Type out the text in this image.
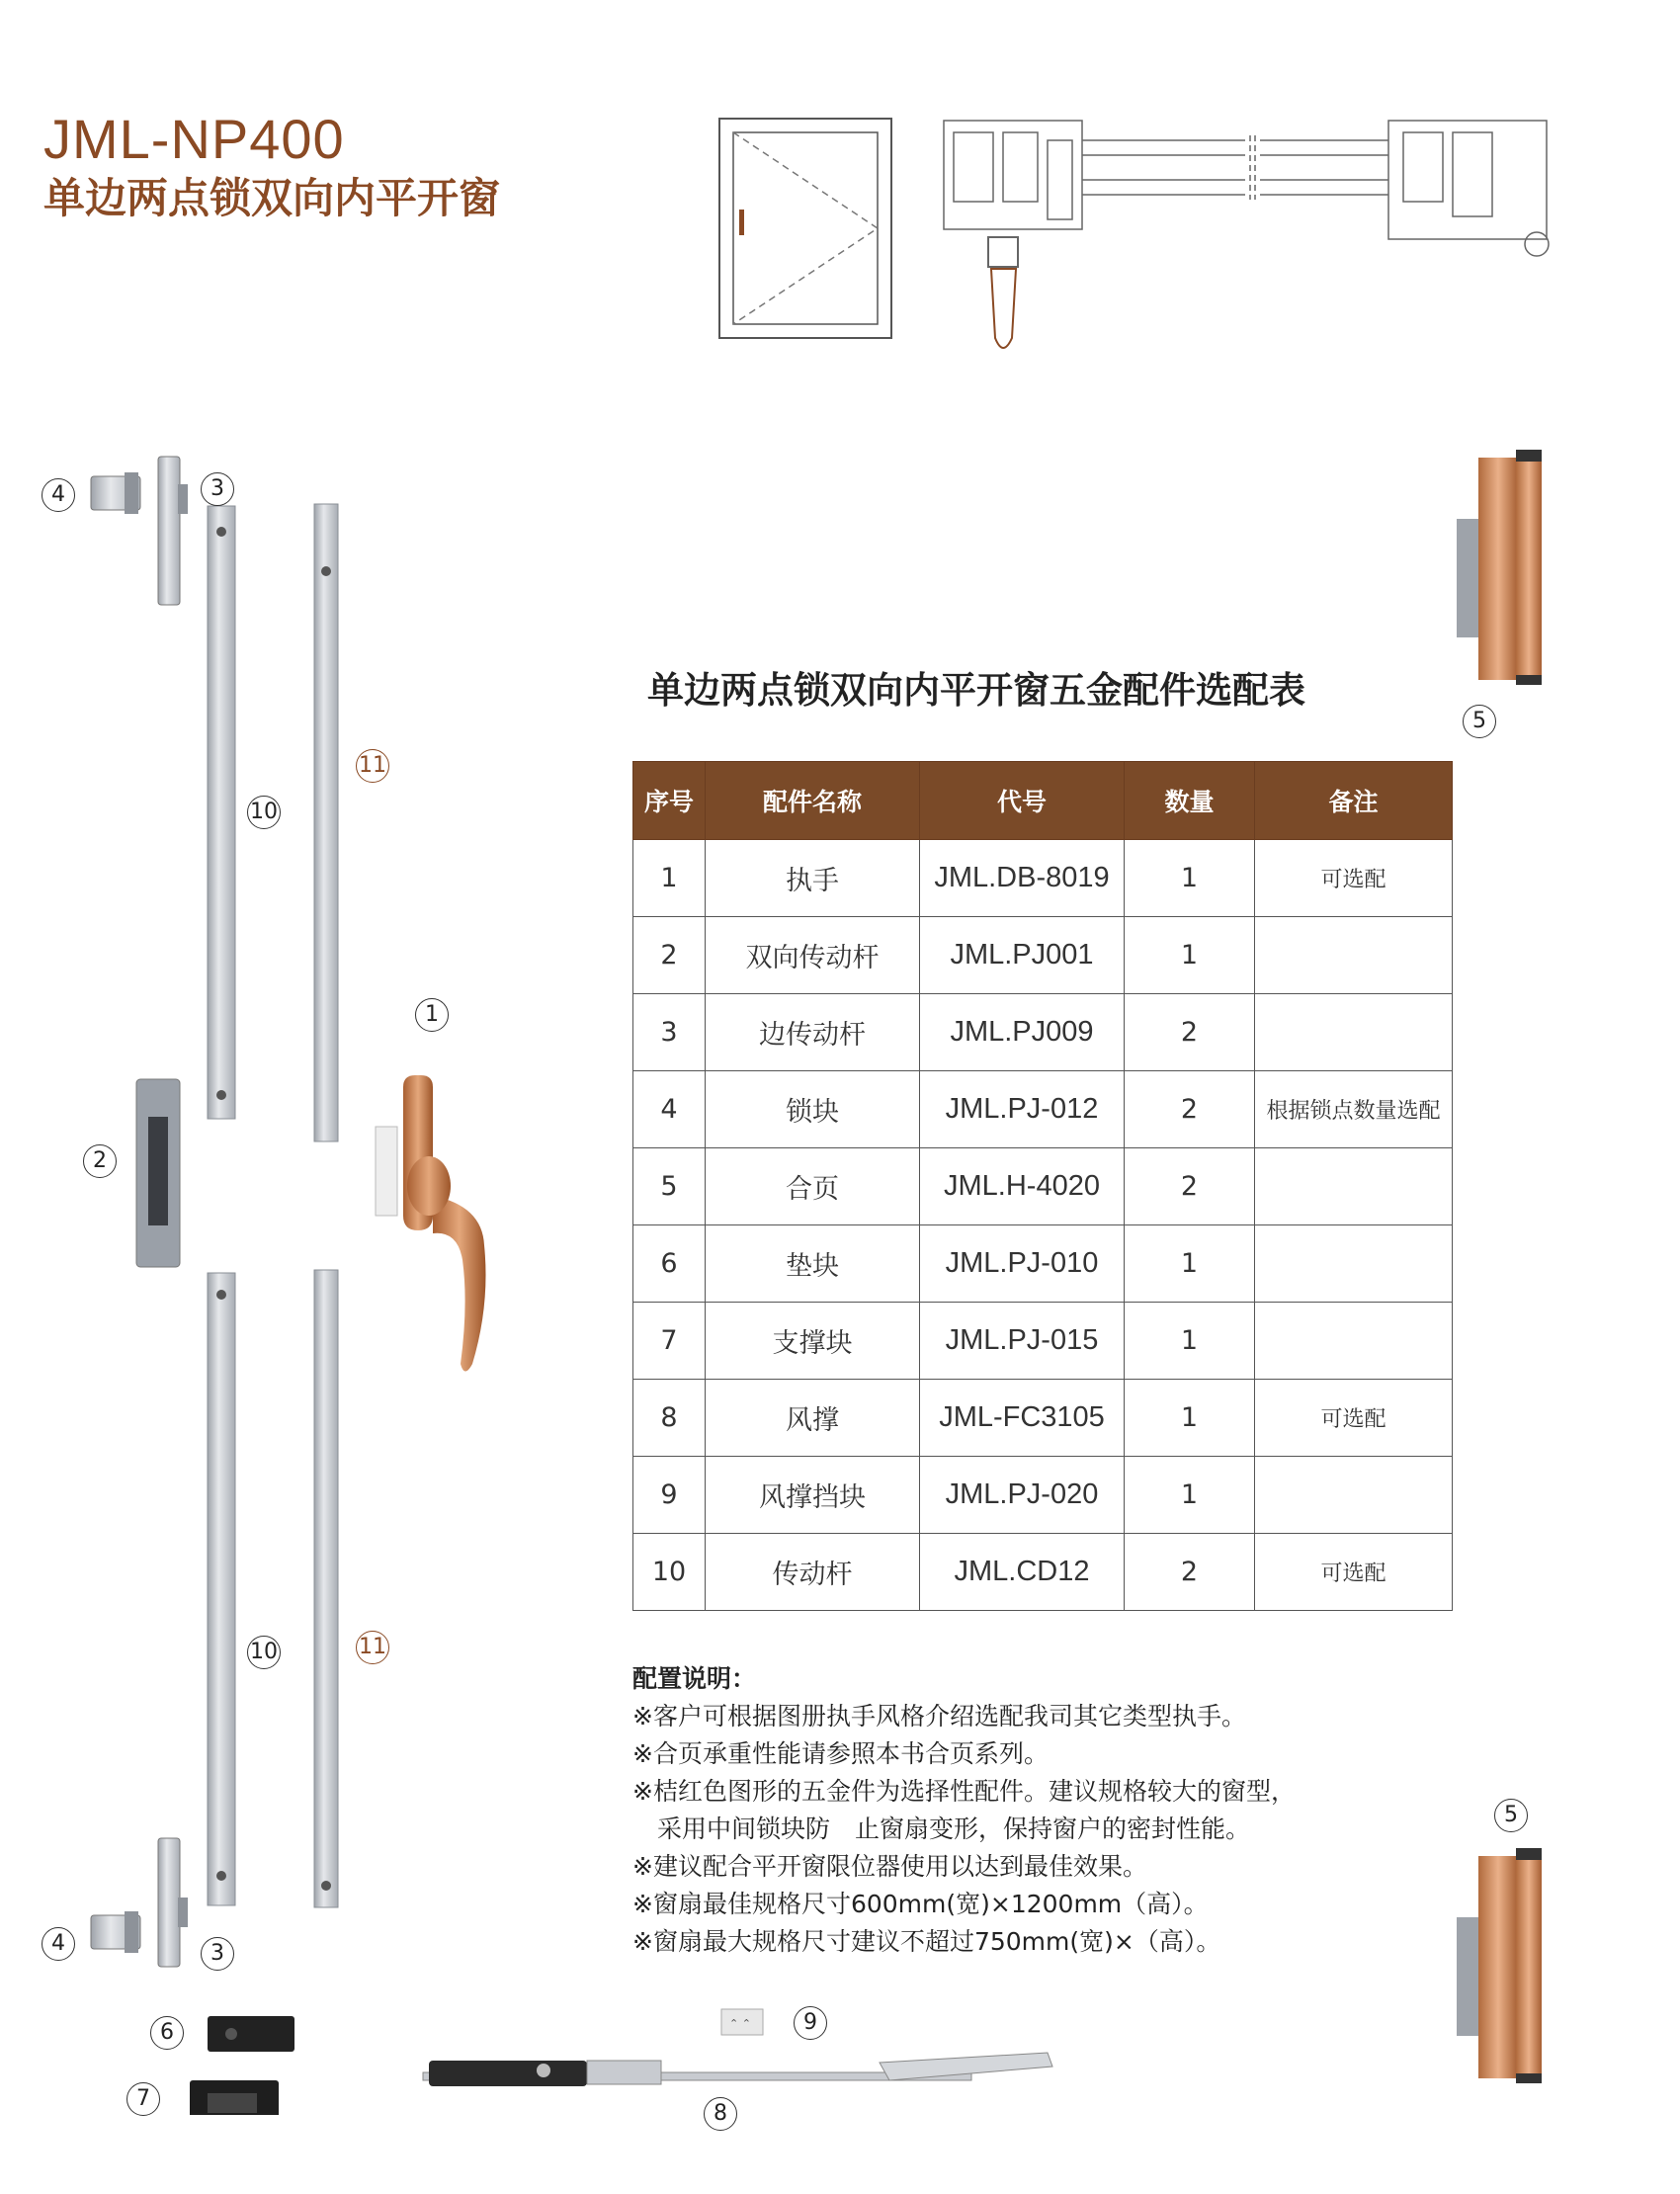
JML-NP400
单边两点锁双向内平开窗
⌃ ⌃
4	3
10
11
1
2
10	11
4	3
6
7
8
9
5
5
单边两点锁双向内平开窗五金配件选配表
序号	配件名称	代号	数量	备注
1	执手	JML.DB-8019	1	可选配
2	双向传动杆	JML.PJ001	1	
3	边传动杆	JML.PJ009	2	
4	锁块	JML.PJ-012	2	根据锁点数量选配
5	合页	JML.H-4020	2	
6	垫块	JML.PJ-010	1	
7	支撑块	JML.PJ-015	1	
8	风撑	JML-FC3105	1	可选配
9	风撑挡块	JML.PJ-020	1	
10	传动杆	JML.CD12	2	可选配
配置说明：
※客户可根据图册执手风格介绍选配我司其它类型执手。
※合页承重性能请参照本书合页系列。
※桔红色图形的五金件为选择性配件。建议规格较大的窗型，
　采用中间锁块防　止窗扇变形，保持窗户的密封性能。
※建议配合平开窗限位器使用以达到最佳效果。
※窗扇最佳规格尺寸600mm(宽)×1200mm（高）。
※窗扇最大规格尺寸建议不超过750mm(宽)×（高）。
